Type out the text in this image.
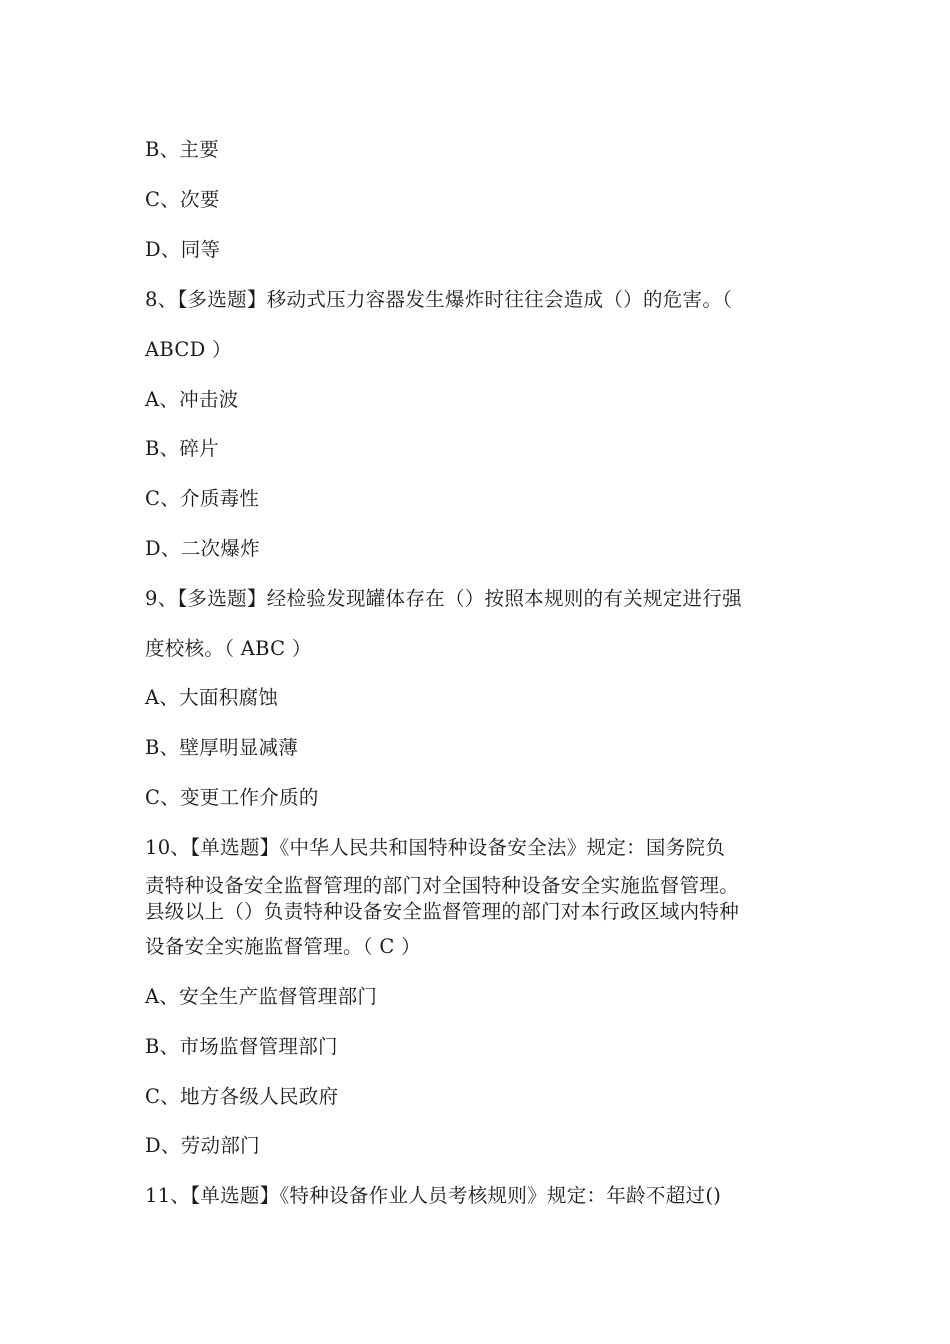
B、主要
C、次要
D、同等
8、【多选题】移动式压力容器发生爆炸时往往会造成（）的危害。（
ABCD ）
A、冲击波
B、碎片
C、介质毒性
D、二次爆炸
9、【多选题】经检验发现罐体存在（）按照本规则的有关规定进行强
度校核。（ ABC ）
A、大面积腐蚀
B、壁厚明显减薄
C、变更工作介质的
10、【单选题】《中华人民共和国特种设备安全法》规定：国务院负
责特种设备安全监督管理的部门对全国特种设备安全实施监督管理。
县级以上（）负责特种设备安全监督管理的部门对本行政区域内特种
设备安全实施监督管理。（ C ）
A、安全生产监督管理部门
B、市场监督管理部门
C、地方各级人民政府
D、劳动部门
11、【单选题】《特种设备作业人员考核规则》规定：年龄不超过()
